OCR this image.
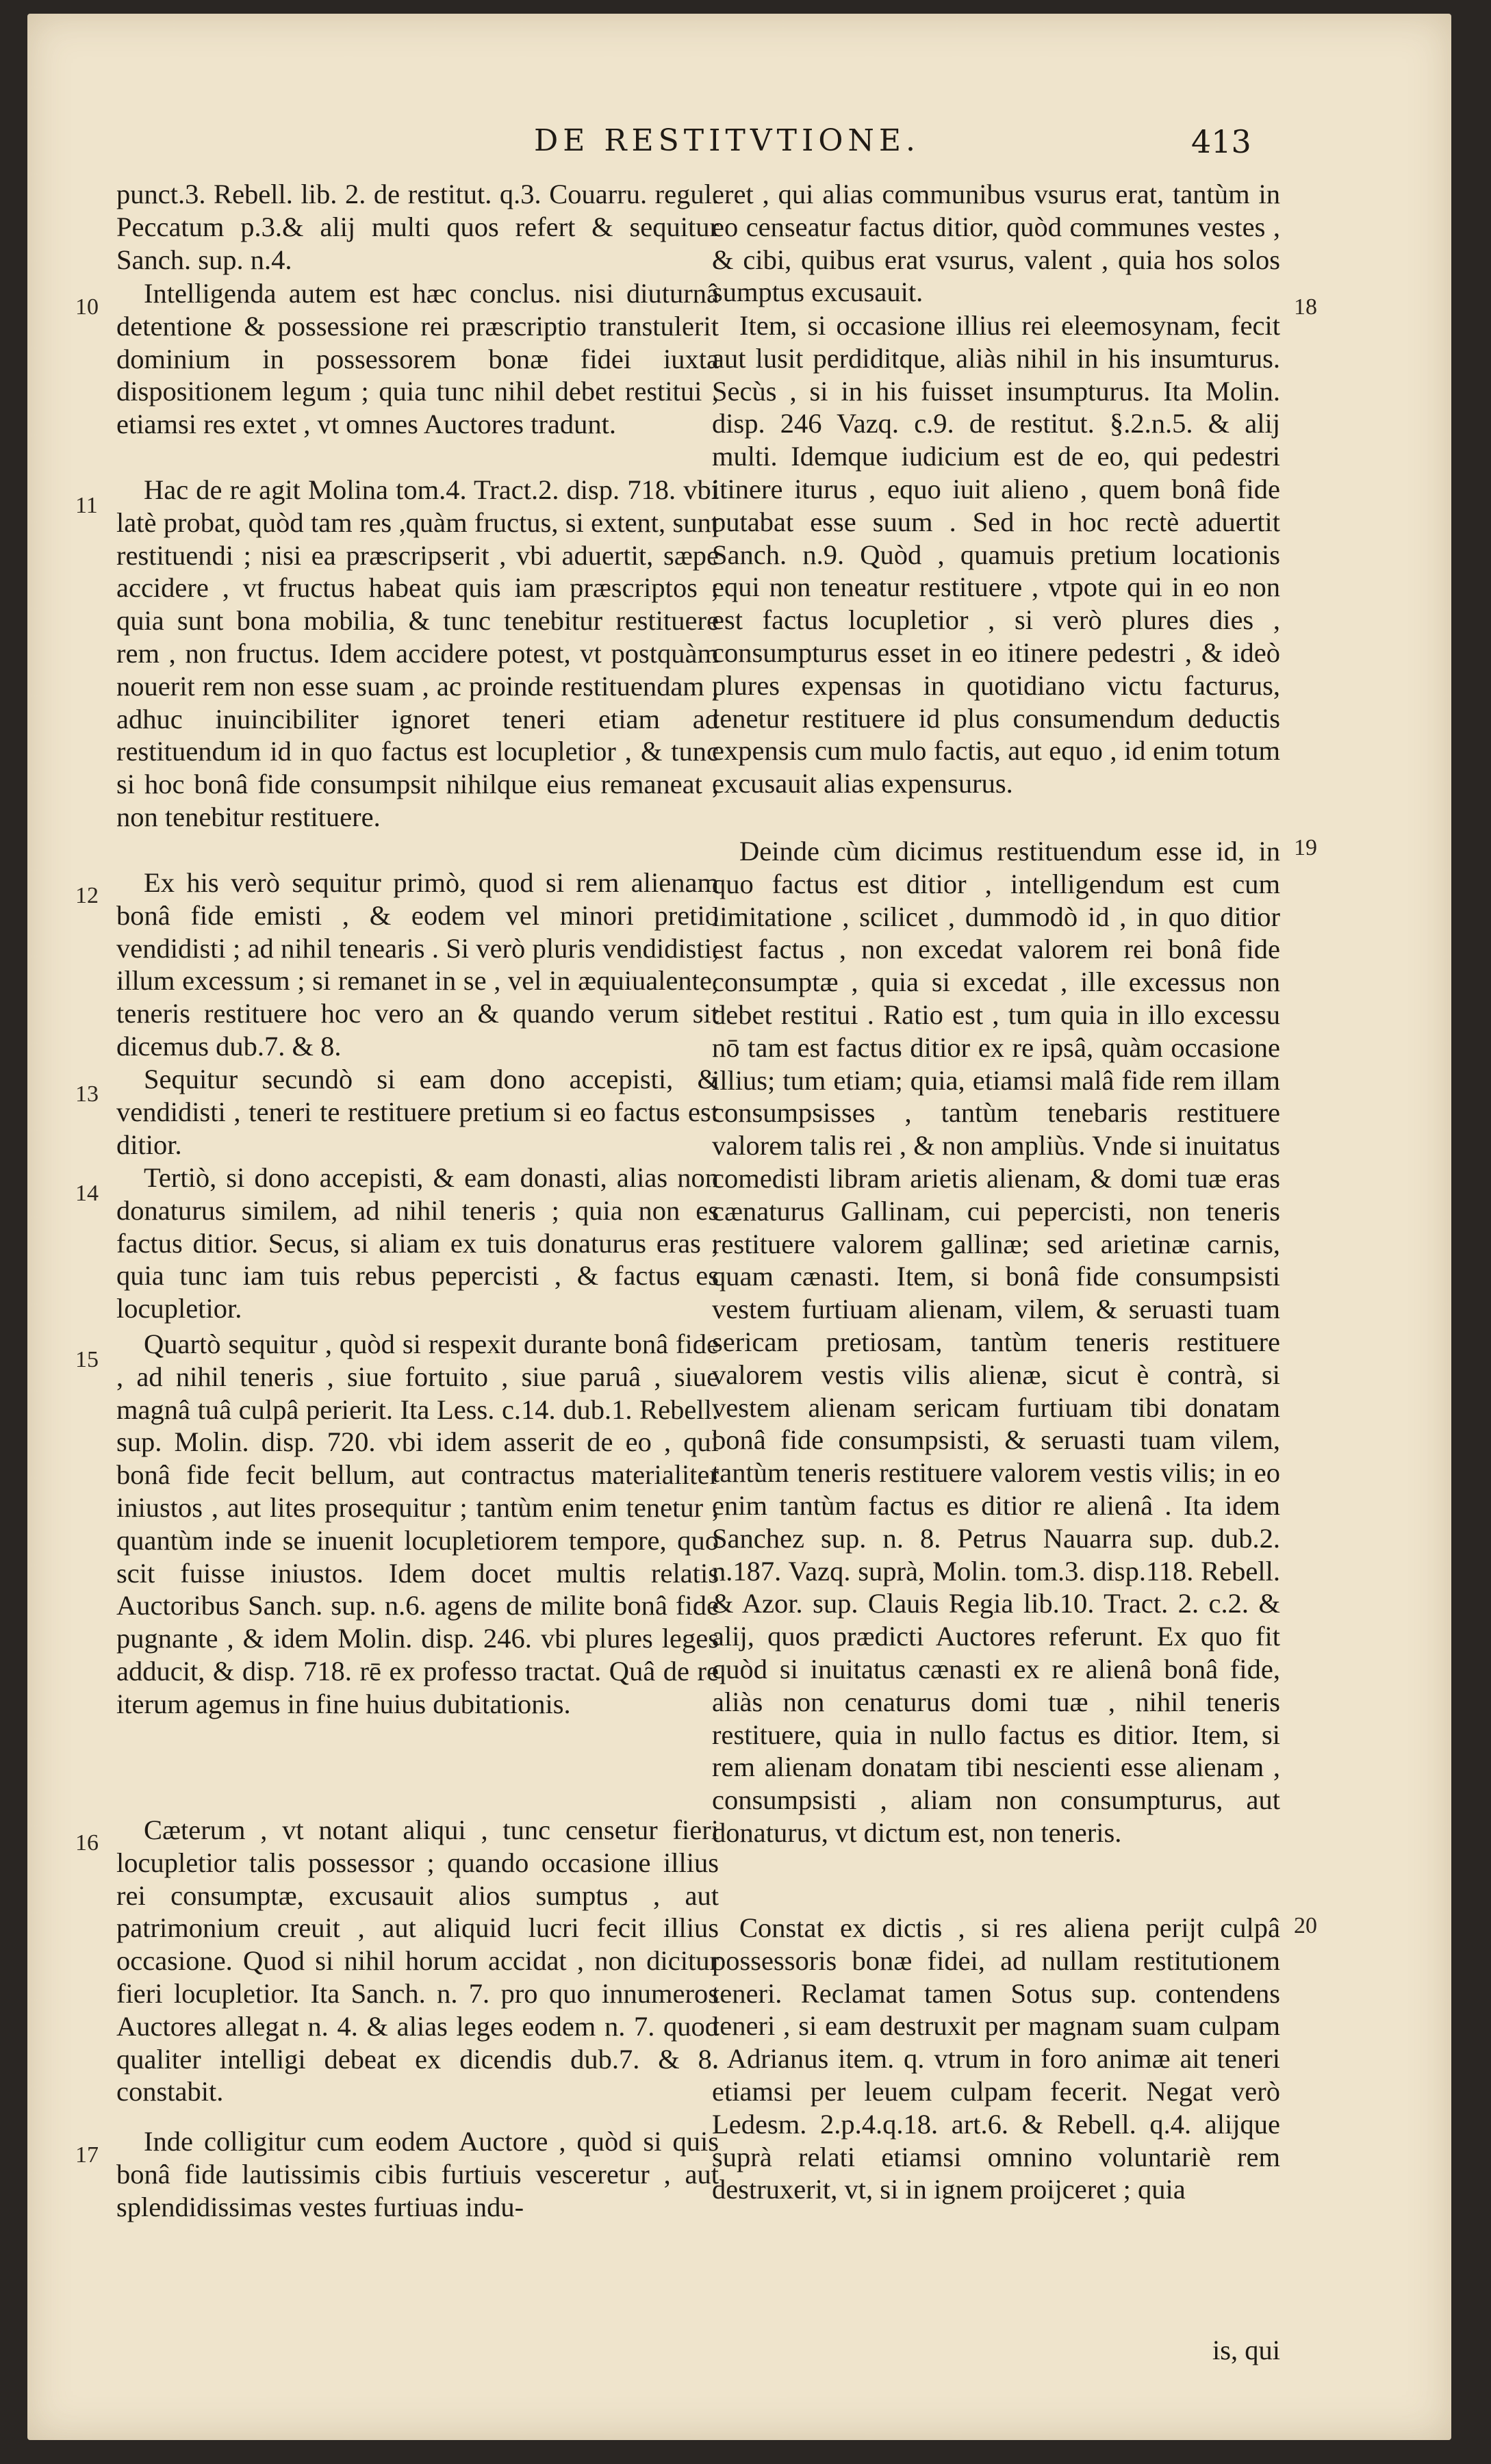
DE RESTITVTIONE.	413

punct.3. Rebell. lib. 2. de restitut. q.3. Couarru. regul. Peccatum p.3.& alij multi quos refert & sequitur Sanch. sup. n.4.

10	Intelligenda autem est hæc conclus. nisi diuturnâ detentione & possessione rei præscriptio transtulerit dominium in possessorem bonæ fidei iuxta dispositionem legum ; quia tunc nihil debet restitui , etiamsi res extet , vt omnes Auctores tradunt.

11

Hac de re agit Molina tom.4. Tract.2. disp. 718. vbi latè probat, quòd tam res ,quàm fructus, si extent, sunt restituendi ; nisi ea præscripserit , vbi aduertit, sæpe accidere , vt fructus habeat quis iam præscriptos ; quia sunt bona mobilia, & tunc tenebitur restituere rem , non fructus. Idem accidere potest, vt postquàm nouerit rem non esse suam , ac proinde restituendam , adhuc inuincibiliter ignoret teneri etiam ad restituendum id in quo factus est locupletior , & tunc si hoc bonâ fide consumpsit nihilque eius remaneat , non tenebitur restituere.

12	Ex his verò sequitur primò, quod si rem alienam bonâ fide emisti , & eodem vel minori pretio vendidisti ; ad nihil tenearis . Si verò pluris vendidisti, illum excessum ; si remanet in se , vel in æquiualente, teneris restituere hoc vero an & quando verum sit dicemus dub.7. & 8.

13	Sequitur secundò si eam dono accepisti, & vendidisti , teneri te restituere pretium si eo factus est ditior.

14

Tertiò, si dono accepisti, & eam donasti, alias non donaturus similem, ad nihil teneris ; quia non es factus ditior. Secus, si aliam ex tuis donaturus eras ; quia tunc iam tuis rebus pepercisti , & factus es locupletior.

15

Quartò sequitur , quòd si respexit durante bonâ fide , ad nihil teneris , siue fortuito , siue paruâ , siue magnâ tuâ culpâ perierit. Ita Less. c.14. dub.1. Rebell. sup. Molin. disp. 720. vbi idem asserit de eo , qui bonâ fide fecit bellum, aut contractus materialiter iniustos , aut lites prosequitur ; tantùm enim tenetur , quantùm inde se inuenit locupletiorem tempore, quo scit fuisse iniustos. Idem docet multis relatis Auctoribus Sanch. sup. n.6. agens de milite bonâ fide pugnante , & idem Molin. disp. 246. vbi plures leges adducit, & disp. 718. rē ex professo tractat. Quâ de re iterum agemus in fine huius dubitationis.

16	Cæterum , vt notant aliqui , tunc censetur fieri locupletior talis possessor ; quando occasione illius rei consumptæ, excusauit alios sumptus , aut patrimonium creuit , aut aliquid lucri fecit illius occasione. Quod si nihil horum accidat , non dicitur fieri locupletior. Ita Sanch. n. 7. pro quo innumeros Auctores allegat n. 4. & alias leges eodem n. 7. quod qualiter intelligi debeat ex dicendis dub.7. & 8. constabit.

17	Inde colligitur cum eodem Auctore , quòd si quis bonâ fide lautissimis cibis furtiuis vesceretur , aut splendidissimas vestes furtiuas indu-

eret , qui alias communibus vsurus erat, tantùm in eo censeatur factus ditior, quòd communes vestes , & cibi, quibus erat vsurus, valent , quia hos solos sumptus excusauit.	18

Item, si occasione illius rei eleemosynam, fecit aut lusit perdiditque, aliàs nihil in his insumturus. Secùs , si in his fuisset insumpturus. Ita Molin. disp. 246 Vazq. c.9. de restitut. §.2.n.5. & alij multi. Idemque iudicium est de eo, qui pedestri itinere iturus , equo iuit alieno , quem bonâ fide putabat esse suum . Sed in hoc rectè aduertit Sanch. n.9. Quòd , quamuis pretium locationis equi non teneatur restituere , vtpote qui in eo non est factus locupletior , si verò plures dies , consumpturus esset in eo itinere pedestri , & ideò plures expensas in quotidiano victu facturus, tenetur restituere id plus consumendum deductis expensis cum mulo factis, aut equo , id enim totum excusauit alias expensurus.

19

Deinde cùm dicimus restituendum esse id, in quo factus est ditior , intelligendum est cum limitatione , scilicet , dummodò id , in quo ditior est factus , non excedat valorem rei bonâ fide consumptæ , quia si excedat , ille excessus non debet restitui . Ratio est , tum quia in illo excessu nō tam est factus ditior ex re ipsâ, quàm occasione illius; tum etiam; quia, etiamsi malâ fide rem illam consumpsisses , tantùm tenebaris restituere valorem talis rei , & non ampliùs. Vnde si inuitatus comedisti libram arietis alienam, & domi tuæ eras cænaturus Gallinam, cui pepercisti, non teneris restituere valorem gallinæ; sed arietinæ carnis, quam cænasti. Item, si bonâ fide consumpsisti vestem furtiuam alienam, vilem, & seruasti tuam sericam pretiosam, tantùm teneris restituere valorem vestis vilis alienæ, sicut è contrà, si vestem alienam sericam furtiuam tibi donatam bonâ fide consumpsisti, & seruasti tuam vilem, tantùm teneris restituere valorem vestis vilis; in eo enim tantùm factus es ditior re alienâ . Ita idem Sanchez sup. n. 8. Petrus Nauarra sup. dub.2. n.187. Vazq. suprà, Molin. tom.3. disp.118. Rebell. & Azor. sup. Clauis Regia lib.10. Tract. 2. c.2. & alij, quos prædicti Auctores referunt. Ex quo fit quòd si inuitatus cænasti ex re alienâ bonâ fide, aliàs non cenaturus domi tuæ , nihil teneris restituere, quia in nullo factus es ditior. Item, si rem alienam donatam tibi nescienti esse alienam , consumpsisti , aliam non consumpturus, aut donaturus, vt dictum est, non teneris.

20

Constat ex dictis , si res aliena perijt culpâ possessoris bonæ fidei, ad nullam restitutionem teneri. Reclamat tamen Sotus sup. contendens teneri , si eam destruxit per magnam suam culpam . Adrianus item. q. vtrum in foro animæ ait teneri etiamsi per leuem culpam fecerit. Negat verò Ledesm. 2.p.4.q.18. art.6. & Rebell. q.4. alijque suprà relati etiamsi omnino voluntariè rem destruxerit, vt, si in ignem proijceret ; quia

is, qui
